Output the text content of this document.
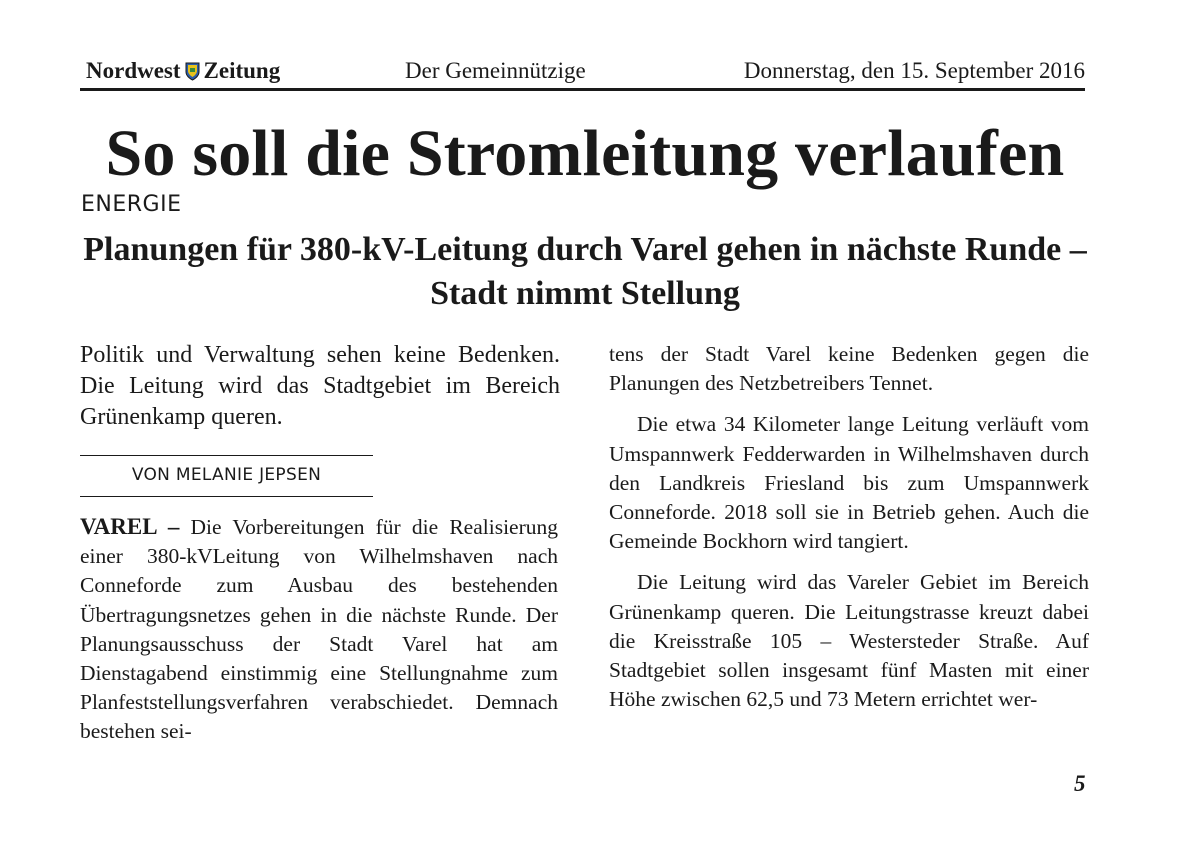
Nordwest Zeitung	Der Gemeinnützige	Donnerstag, den 15. September 2016
So soll die Stromleitung verlaufen
ENERGIE
Planungen für 380-kV-Leitung durch Varel gehen in nächste Runde – Stadt nimmt Stellung

Politik und Verwaltung sehen keine Bedenken. Die Leitung wird das Stadtgebiet im Bereich Grünenkamp queren.

VON MELANIE JEPSEN

VAREL – Die Vorbereitungen für die Realisierung einer 380-kVLeitung von Wilhelmshaven nach Conneforde zum Ausbau des bestehenden Übertragungsnetzes gehen in die nächste Runde. Der Planungsausschuss der Stadt Varel hat am Dienstagabend einstimmig eine Stellungnahme zum Planfeststellungsverfahren verabschiedet. Demnach bestehen sei-

tens der Stadt Varel keine Bedenken gegen die Planungen des Netzbetreibers Tennet.

Die etwa 34 Kilometer lange Leitung verläuft vom Umspannwerk Fedderwarden in Wilhelmshaven durch den Landkreis Friesland bis zum Umspannwerk Conneforde. 2018 soll sie in Betrieb gehen. Auch die Gemeinde Bockhorn wird tangiert.

Die Leitung wird das Vareler Gebiet im Bereich Grünenkamp queren. Die Leitungstrasse kreuzt dabei die Kreisstraße 105 – Westersteder Straße. Auf Stadtgebiet sollen insgesamt fünf Masten mit einer Höhe zwischen 62,5 und 73 Metern errichtet wer-

5
